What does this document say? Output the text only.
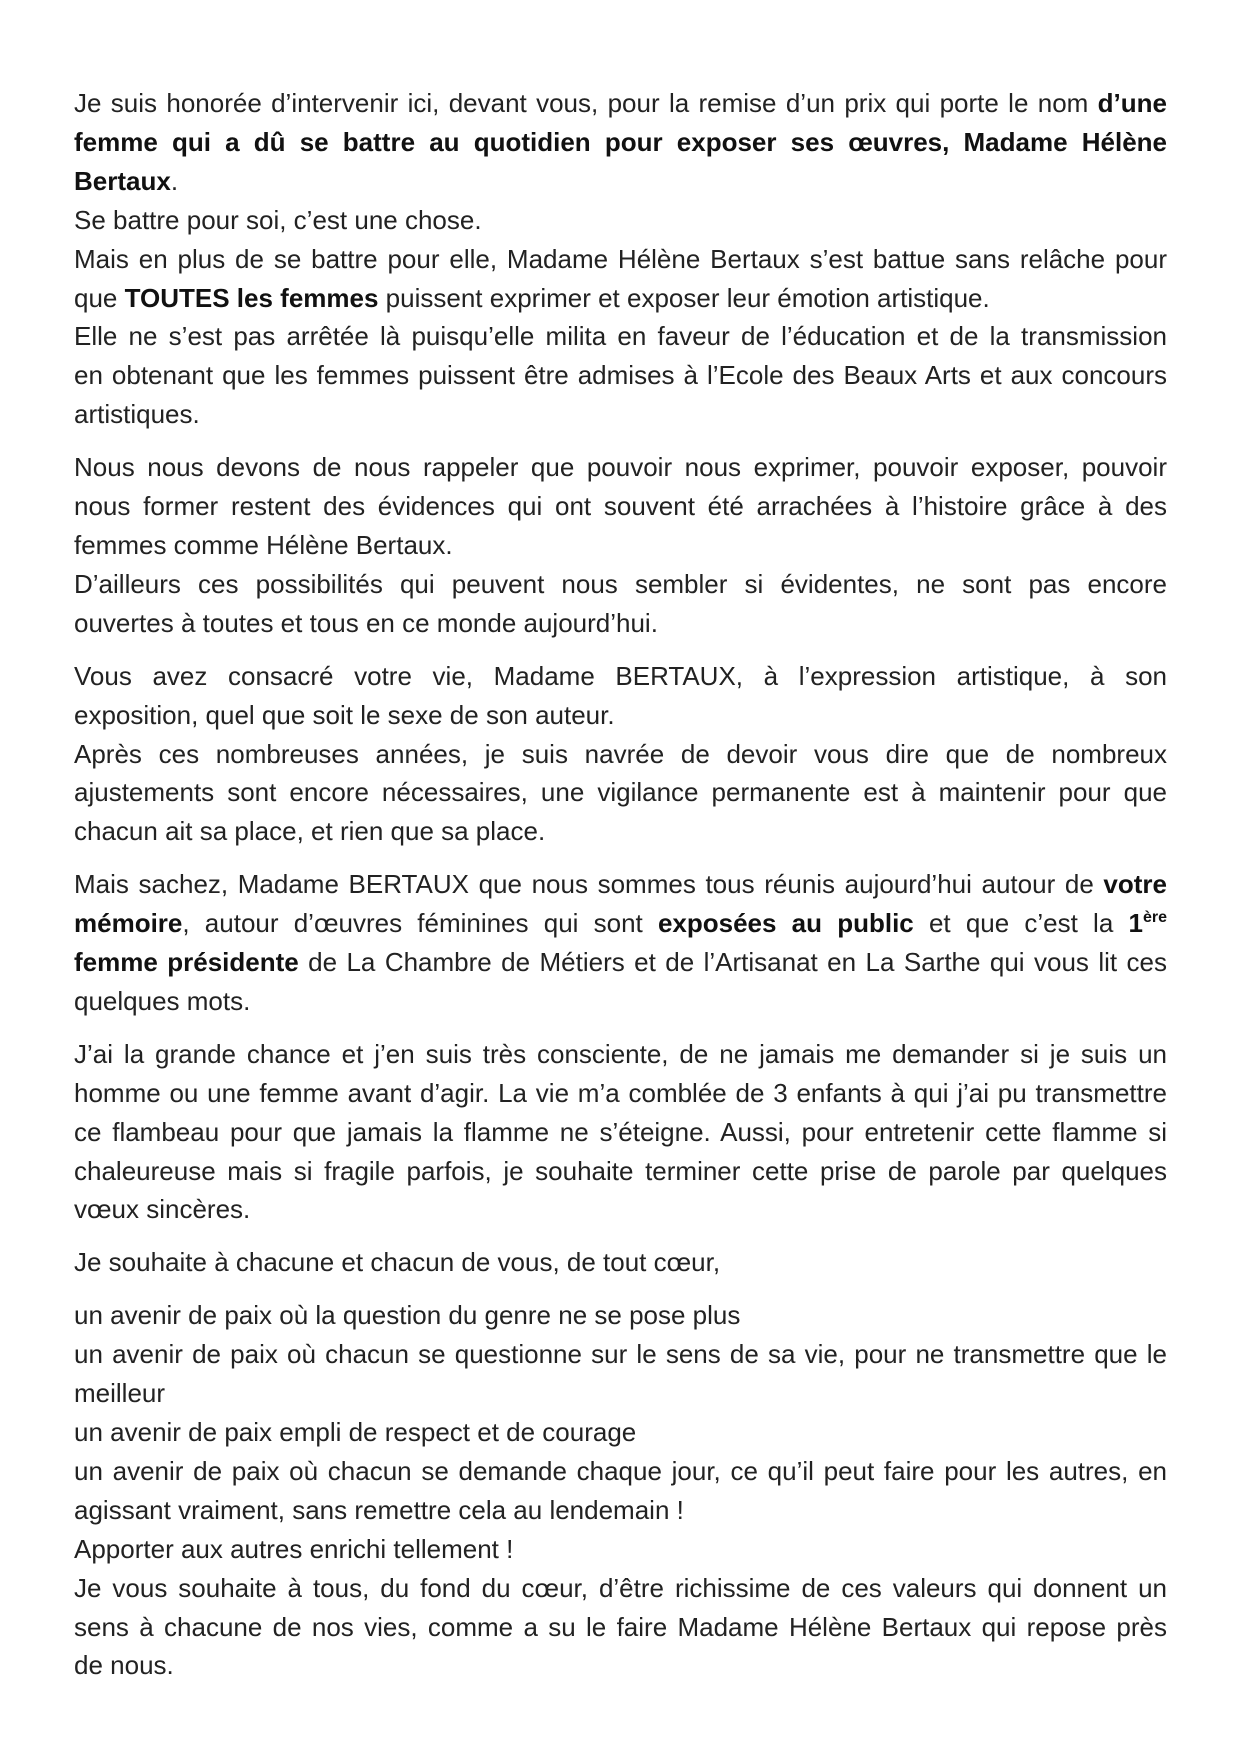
Je suis honorée d’intervenir ici, devant vous, pour la remise d’un prix qui porte le nom d’une
femme qui a dû se battre au quotidien pour exposer ses œuvres, Madame Hélène
Bertaux.
Se battre pour soi, c’est une chose.
Mais en plus de se battre pour elle, Madame Hélène Bertaux s’est battue sans relâche pour
que TOUTES les femmes puissent exprimer et exposer leur émotion artistique.
Elle ne s’est pas arrêtée là puisqu’elle milita en faveur de l’éducation et de la transmission
en obtenant que les femmes puissent être admises à l’Ecole des Beaux Arts et aux concours
artistiques.
Nous nous devons de nous rappeler que pouvoir nous exprimer, pouvoir exposer, pouvoir
nous former restent des évidences qui ont souvent été arrachées à l’histoire grâce à des
femmes comme Hélène Bertaux.
D’ailleurs ces possibilités qui peuvent nous sembler si évidentes, ne sont pas encore
ouvertes à toutes et tous en ce monde aujourd’hui.
Vous avez consacré votre vie, Madame BERTAUX, à l’expression artistique, à son
exposition, quel que soit le sexe de son auteur.
Après ces nombreuses années, je suis navrée de devoir vous dire que de nombreux
ajustements sont encore nécessaires, une vigilance permanente est à maintenir pour que
chacun ait sa place, et rien que sa place.
Mais sachez, Madame BERTAUX que nous sommes tous réunis aujourd’hui autour de votre
mémoire, autour d’œuvres féminines qui sont exposées au public et que c’est la 1ère
femme présidente de La Chambre de Métiers et de l’Artisanat en La Sarthe qui vous lit ces
quelques mots.
J’ai la grande chance et j’en suis très consciente, de ne jamais me demander si je suis un
homme ou une femme avant d’agir. La vie m’a comblée de 3 enfants à qui j’ai pu transmettre
ce flambeau pour que jamais la flamme ne s’éteigne. Aussi, pour entretenir cette flamme si
chaleureuse mais si fragile parfois, je souhaite terminer cette prise de parole par quelques
vœux sincères.
Je souhaite à chacune et chacun de vous, de tout cœur,
un avenir de paix où la question du genre ne se pose plus
un avenir de paix où chacun se questionne sur le sens de sa vie, pour ne transmettre que le
meilleur
un avenir de paix empli de respect et de courage
un avenir de paix où chacun se demande chaque jour, ce qu’il peut faire pour les autres, en
agissant vraiment, sans remettre cela au lendemain !
Apporter aux autres enrichi tellement !
Je vous souhaite à tous, du fond du cœur, d’être richissime de ces valeurs qui donnent un
sens à chacune de nos vies, comme a su le faire Madame Hélène Bertaux qui repose près
de nous.
